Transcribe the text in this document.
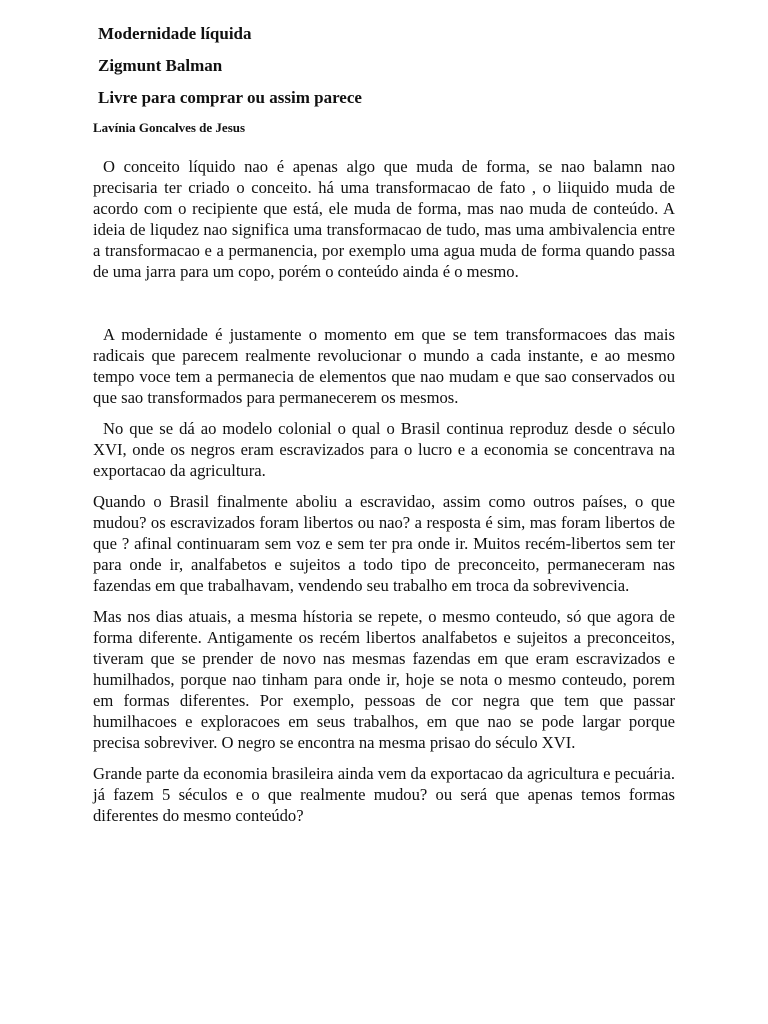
Modernidade líquida
Zigmunt Balman
Livre para comprar ou assim parece
Lavínia Goncalves de Jesus

O conceito líquido nao é apenas algo que muda de forma, se nao balamn nao precisaria ter criado o conceito. há uma transformacao de fato , o liiquido muda de acordo com o recipiente que está, ele muda de forma, mas nao muda de conteúdo. A ideia de liqudez nao significa uma transformacao de tudo, mas uma ambivalencia entre a transformacao e a permanencia, por exemplo uma agua muda de forma quando passa de uma jarra para um copo, porém o conteúdo ainda é o mesmo.

A modernidade é justamente o momento em que se tem transformacoes das mais radicais que parecem realmente revolucionar o mundo a cada instante, e ao mesmo tempo voce tem a permanecia de elementos que nao mudam e que sao conservados ou que sao transformados para permanecerem os mesmos.

No que se dá ao modelo colonial o qual o Brasil continua reproduz desde o século XVI, onde os negros eram escravizados para o lucro e a economia se concentrava na exportacao da agricultura.

Quando o Brasil finalmente aboliu a escravidao, assim como outros países, o que mudou? os escravizados foram libertos ou nao? a resposta é sim, mas foram libertos de que ? afinal continuaram sem voz e sem ter pra onde ir. Muitos recém-libertos sem ter para onde ir, analfabetos e sujeitos a todo tipo de preconceito, permaneceram nas fazendas em que trabalhavam, vendendo seu trabalho em troca da sobrevivencia.

Mas nos dias atuais, a mesma hístoria se repete, o mesmo conteudo, só que agora de forma diferente. Antigamente os recém libertos analfabetos e sujeitos a preconceitos, tiveram que se prender de novo nas mesmas fazendas em que eram escravizados e humilhados, porque nao tinham para onde ir, hoje se nota o mesmo conteudo, porem em formas diferentes. Por exemplo, pessoas de cor negra que tem que passar humilhacoes e exploracoes em seus trabalhos, em que nao se pode largar porque precisa sobreviver. O negro se encontra na mesma prisao do século XVI.

Grande parte da economia brasileira ainda vem da exportacao da agricultura e pecuária. já fazem 5 séculos e o que realmente mudou? ou será que apenas temos formas diferentes do mesmo conteúdo?
